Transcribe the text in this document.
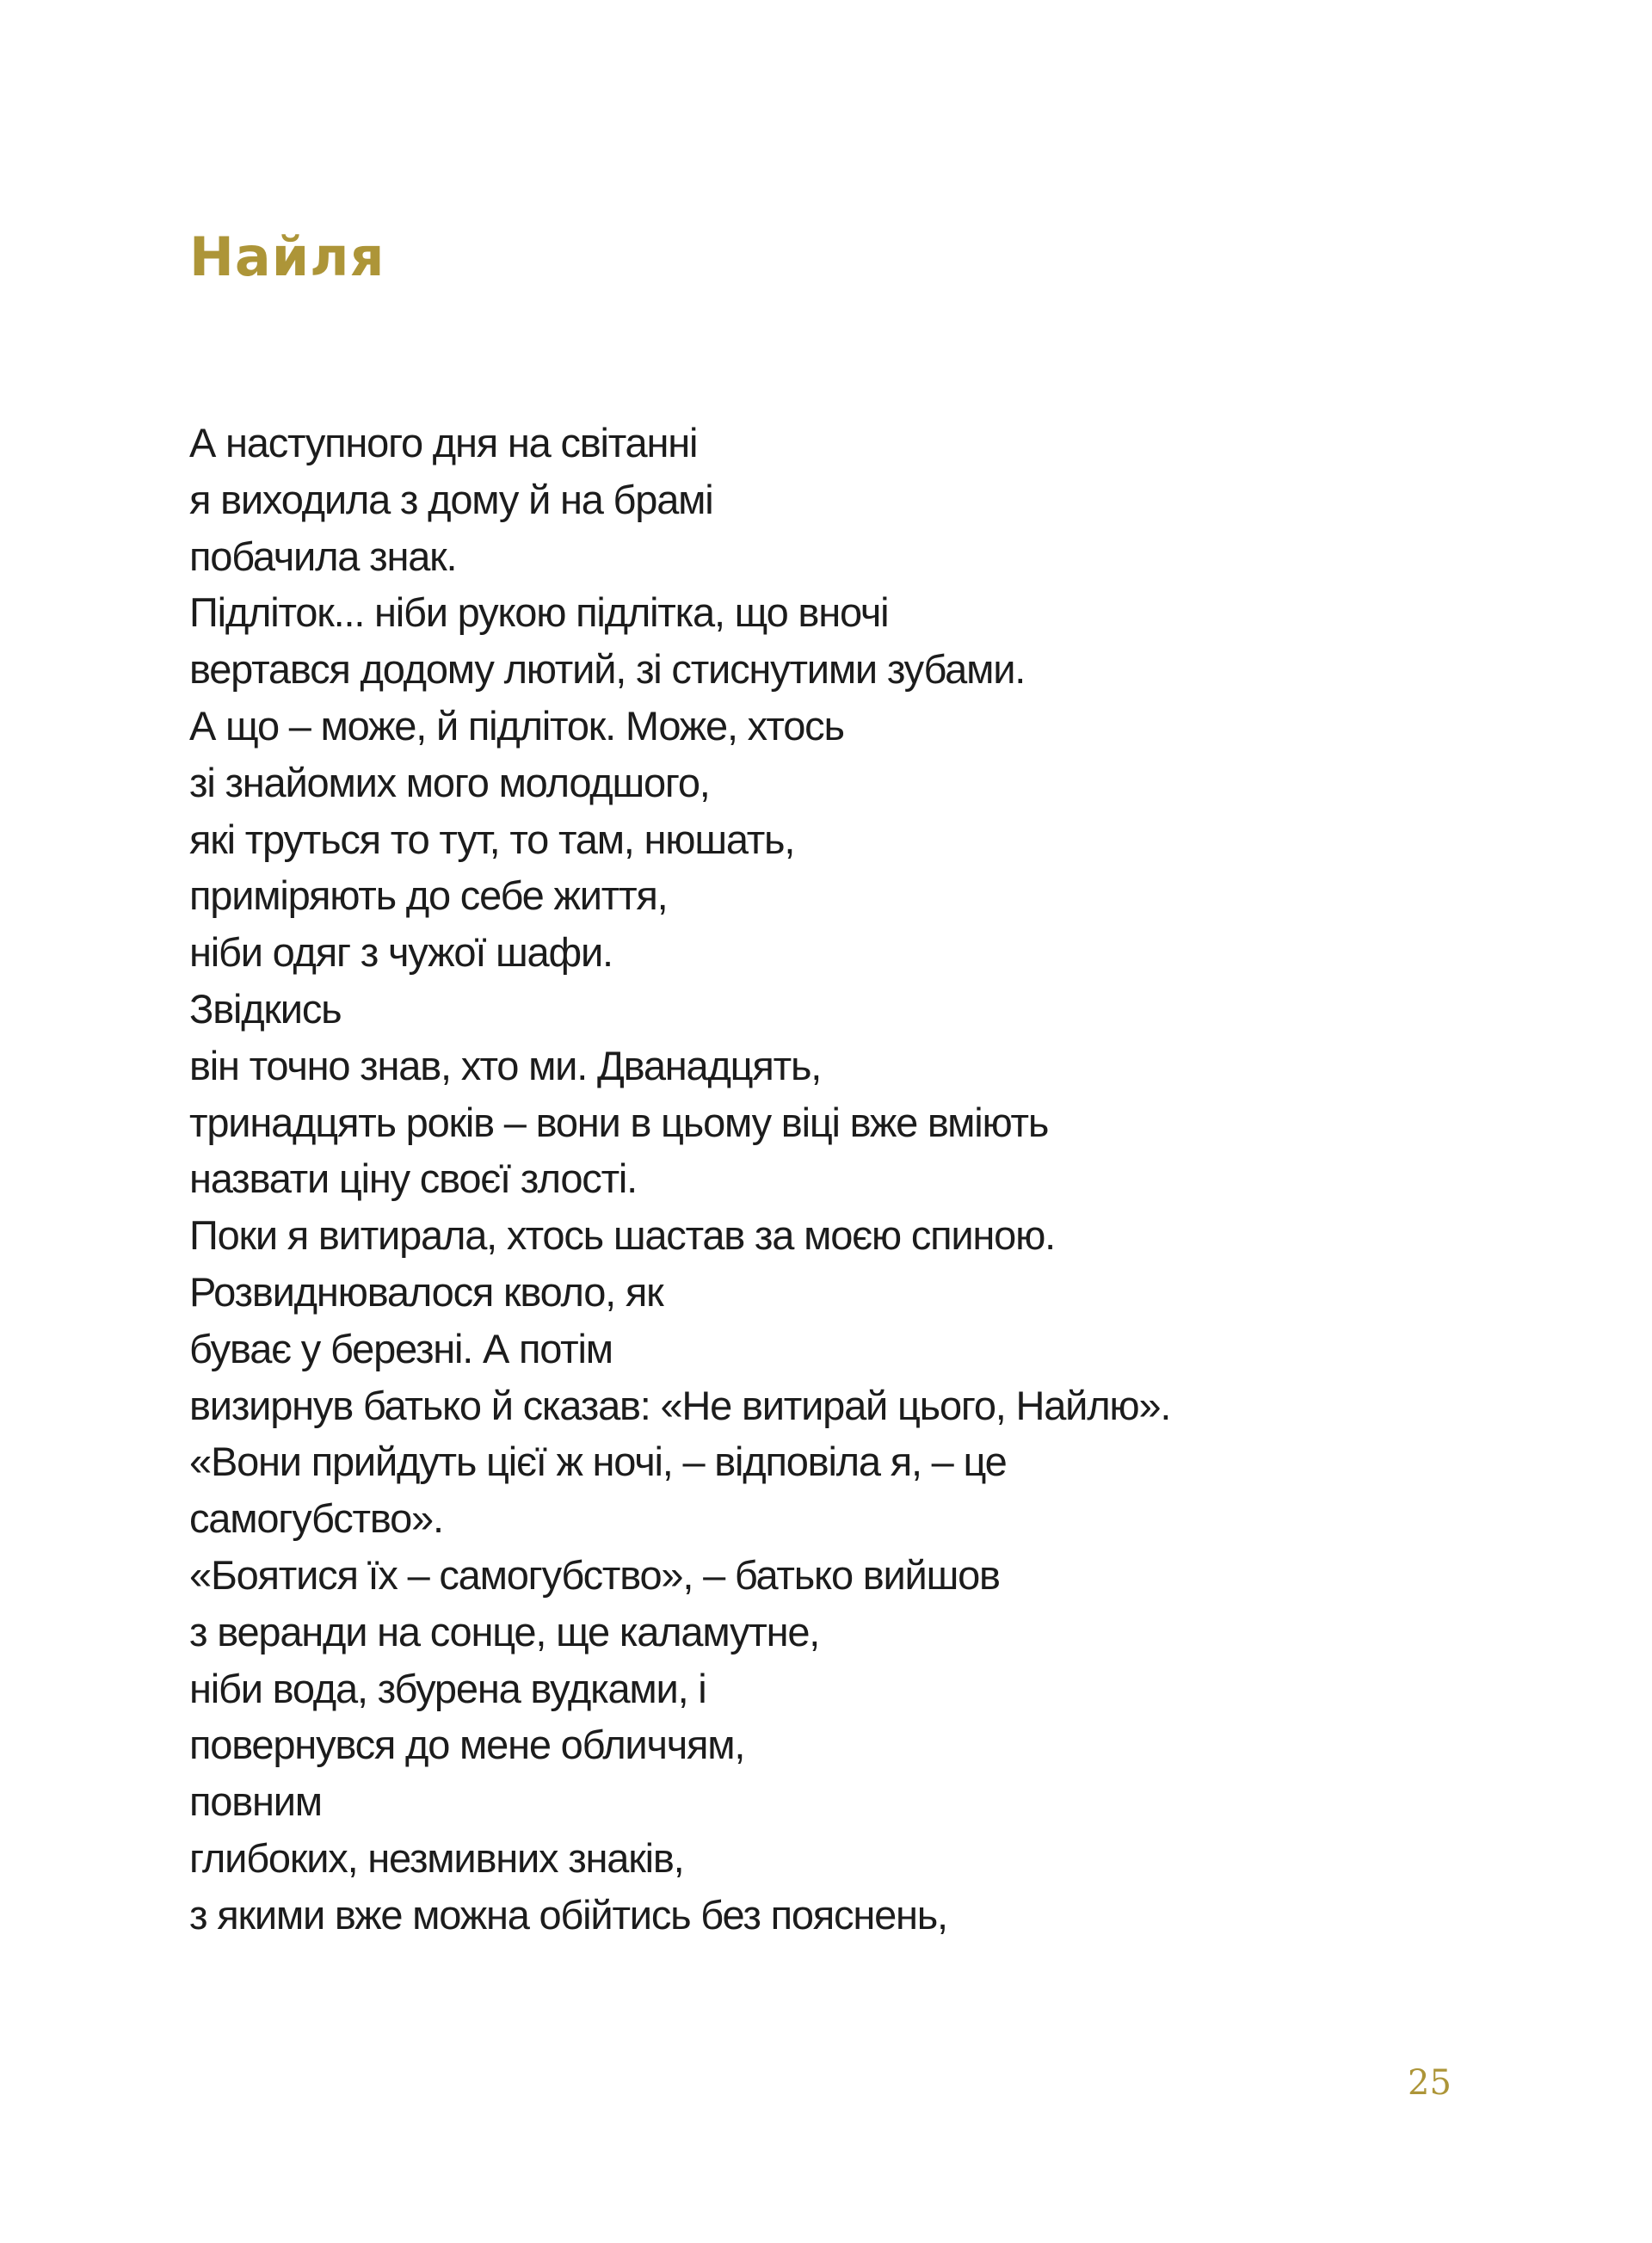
Найля
А наступного дня на світанні
я виходила з дому й на брамі
побачила знак.
Підліток... ніби рукою підлітка, що вночі
вертався додому лютий, зі стиснутими зубами.
А що – може, й підліток. Може, хтось
зі знайомих мого молодшого,
які труться то тут, то там, нюшать,
приміряють до себе життя,
ніби одяг з чужої шафи.
Звідкись
він точно знав, хто ми. Дванадцять,
тринадцять років – вони в цьому віці вже вміють
назвати ціну своєї злості.
Поки я витирала, хтось шастав за моєю спиною.
Розвиднювалося кволо, як
буває у березні. А потім
визирнув батько й сказав: «Не витирай цього, Найлю».
«Вони прийдуть цієї ж ночі, – відповіла я, – це
самогубство».
«Боятися їх – самогубство», – батько вийшов
з веранди на сонце, ще каламутне,
ніби вода, збурена вудками, і
повернувся до мене обличчям,
повним
глибоких, незмивних знаків,
з якими вже можна обійтись без пояснень,
25
